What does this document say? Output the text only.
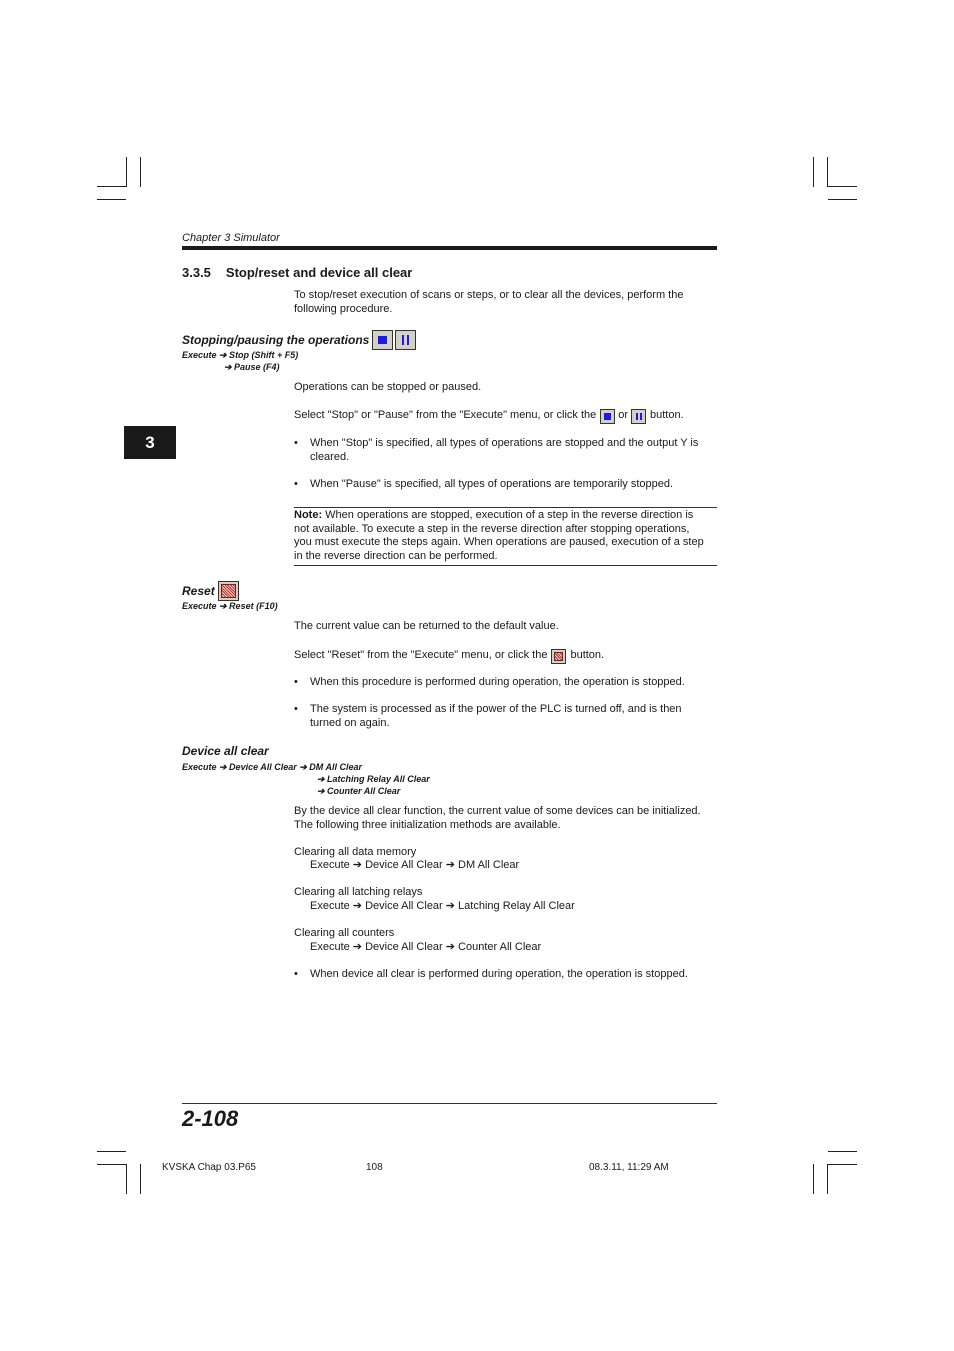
Chapter 3 Simulator
3
3.3.5 Stop/reset and device all clear
To stop/reset execution of scans or steps, or to clear all the devices, perform the following procedure.
Stopping/pausing the operations
Execute ➔ Stop (Shift + F5)
➔ Pause (F4)
Operations can be stopped or paused.
Select "Stop" or "Pause" from the "Execute" menu, or click the or button.
• When "Stop" is specified, all types of operations are stopped and the output Y is
cleared.
• When "Pause" is specified, all types of operations are temporarily stopped.
Note: When operations are stopped, execution of a step in the reverse direction is
not available. To execute a step in the reverse direction after stopping operations,
you must execute the steps again. When operations are paused, execution of a step
in the reverse direction can be performed.
Reset
Execute ➔ Reset (F10)
The current value can be returned to the default value.
Select "Reset" from the "Execute" menu, or click the button.
• When this procedure is performed during operation, the operation is stopped.
• The system is processed as if the power of the PLC is turned off, and is then
turned on again.
Device all clear
Execute ➔ Device All Clear ➔ DM All Clear
➔ Latching Relay All Clear
➔ Counter All Clear
By the device all clear function, the current value of some devices can be initialized.
The following three initialization methods are available.
Clearing all data memory
Execute ➔ Device All Clear ➔ DM All Clear
Clearing all latching relays
Execute ➔ Device All Clear ➔ Latching Relay All Clear
Clearing all counters
Execute ➔ Device All Clear ➔ Counter All Clear
• When device all clear is performed during operation, the operation is stopped.
2-108
KVSKA Chap 03.P65	108	08.3.11, 11:29 AM
